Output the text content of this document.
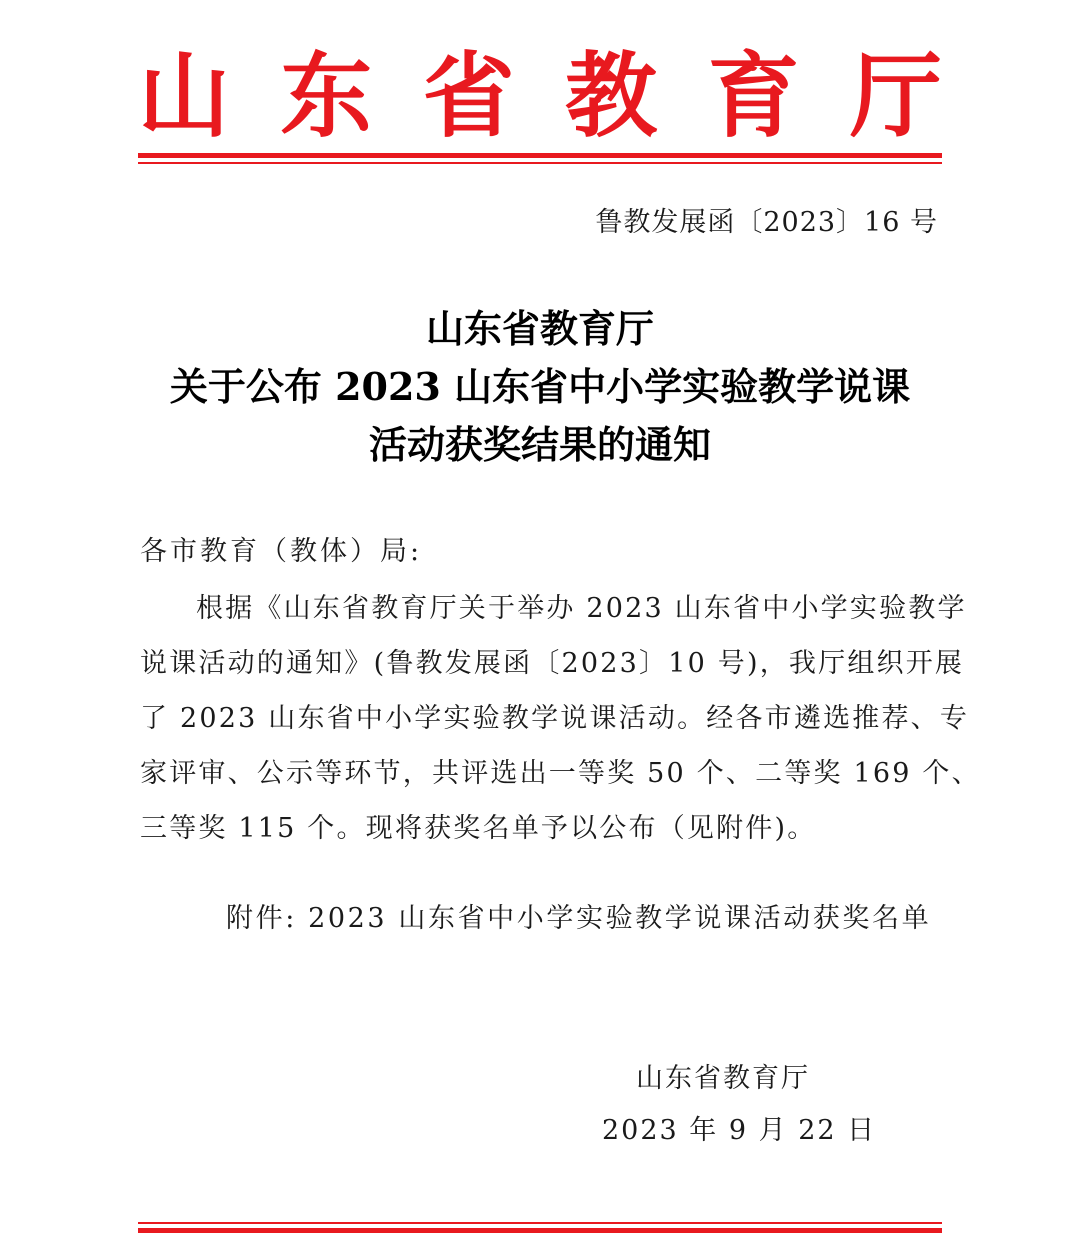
山 东 省 教 育 厅
鲁教发展函〔2023〕16 号
山东省教育厅
关于公布 2023 山东省中小学实验教学说课
活动获奖结果的通知
各市教育（教体）局:
根据《山东省教育厅关于举办 2023 山东省中小学实验教学
说课活动的通知》(鲁教发展函〔2023〕10 号)，我厅组织开展
了 2023 山东省中小学实验教学说课活动。经各市遴选推荐、专
家评审、公示等环节，共评选出一等奖 50 个、二等奖 169 个、
三等奖 115 个。现将获奖名单予以公布（见附件)。
附件: 2023 山东省中小学实验教学说课活动获奖名单
山东省教育厅
2023 年 9 月 22 日
